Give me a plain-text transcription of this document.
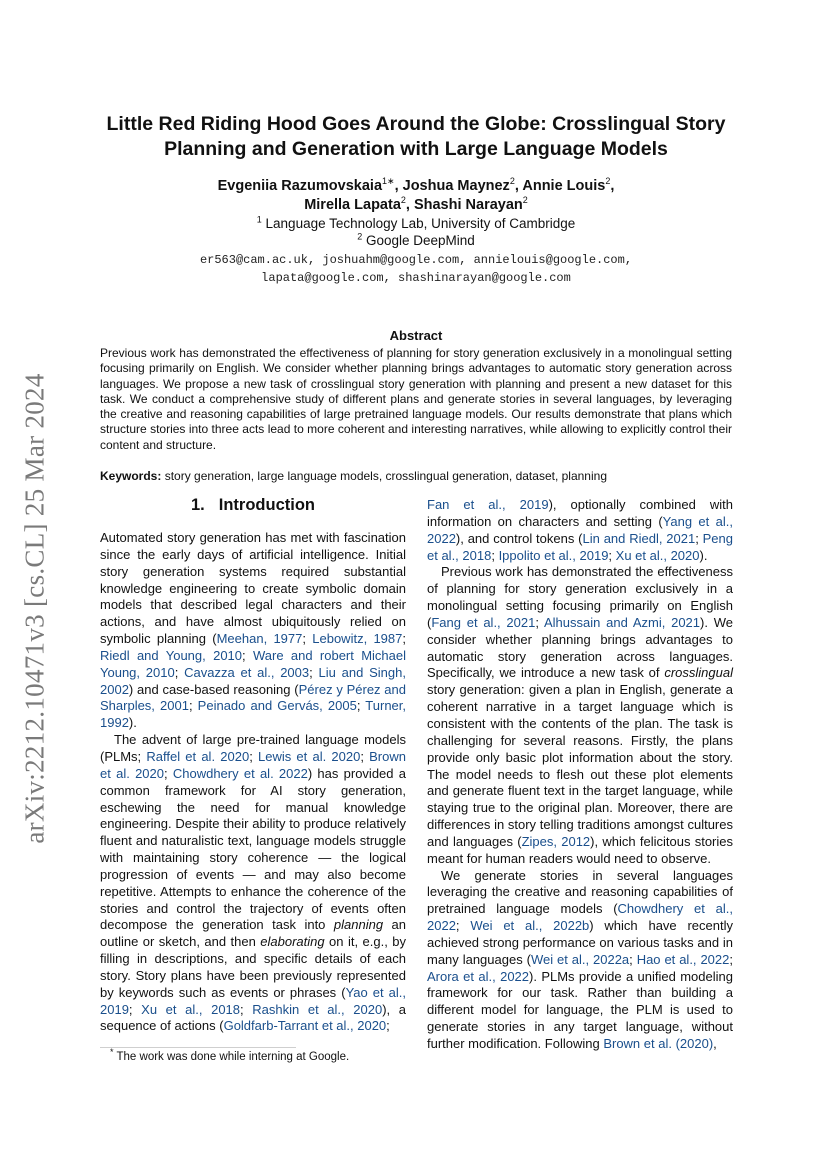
arXiv:2212.10471v3 [cs.CL] 25 Mar 2024
Little Red Riding Hood Goes Around the Globe: Crosslingual Story Planning and Generation with Large Language Models
Evgeniia Razumovskaia$^{1∗}$, Joshua Maynez$^2$, Annie Louis$^2$,
Mirella Lapata$^2$, Shashi Narayan$^2$
$^1$ Language Technology Lab, University of Cambridge
$^2$ Google DeepMind
er563@cam.ac.uk, joshuahm@google.com, annielouis@google.com,
lapata@google.com, shashinarayan@google.com
Abstract

Previous work has demonstrated the effectiveness of planning for story generation exclusively in a monolingual setting focusing primarily on English. We consider whether planning brings advantages to automatic story generation across languages. We propose a new task of crosslingual story generation with planning and present a new dataset for this task. We conduct a comprehensive study of different plans and generate stories in several languages, by leveraging the creative and reasoning capabilities of large pretrained language models. Our results demonstrate that plans which structure stories into three acts lead to more coherent and interesting narratives, while allowing to explicitly control their content and structure.

Keywords: story generation, large language models, crosslingual generation, dataset, planning
1. Introduction

Automated story generation has met with fascination since the early days of artificial intelligence. Initial story generation systems required substantial knowledge engineering to create symbolic domain models that described legal characters and their actions, and have almost ubiquitously relied on symbolic planning (Meehan, 1977; Lebowitz, 1987; Riedl and Young, 2010; Ware and robert Michael Young, 2010; Cavazza et al., 2003; Liu and Singh, 2002) and case-based reasoning (Pérez y Pérez and Sharples, 2001; Peinado and Gervás, 2005; Turner, 1992).

The advent of large pre-trained language models (PLMs; Raffel et al. 2020; Lewis et al. 2020; Brown et al. 2020; Chowdhery et al. 2022) has provided a common framework for AI story generation, eschewing the need for manual knowledge engineering. Despite their ability to produce relatively fluent and naturalistic text, language models struggle with maintaining story coherence — the logical progression of events — and may also become repetitive. Attempts to enhance the coherence of the stories and control the trajectory of events often decompose the generation task into planning an outline or sketch, and then elaborating on it, e.g., by filling in descriptions, and specific details of each story. Story plans have been previously represented by keywords such as events or phrases (Yao et al., 2019; Xu et al., 2018; Rashkin et al., 2020), a sequence of actions (Goldfarb-Tarrant et al., 2020;

Fan et al., 2019), optionally combined with information on characters and setting (Yang et al., 2022), and control tokens (Lin and Riedl, 2021; Peng et al., 2018; Ippolito et al., 2019; Xu et al., 2020).

Previous work has demonstrated the effectiveness of planning for story generation exclusively in a monolingual setting focusing primarily on English (Fang et al., 2021; Alhussain and Azmi, 2021). We consider whether planning brings advantages to automatic story generation across languages. Specifically, we introduce a new task of crosslingual story generation: given a plan in English, generate a coherent narrative in a target language which is consistent with the contents of the plan. The task is challenging for several reasons. Firstly, the plans provide only basic plot information about the story. The model needs to flesh out these plot elements and generate fluent text in the target language, while staying true to the original plan. Moreover, there are differences in story telling traditions amongst cultures and languages (Zipes, 2012), which felicitous stories meant for human readers would need to observe.

We generate stories in several languages leveraging the creative and reasoning capabilities of pretrained language models (Chowdhery et al., 2022; Wei et al., 2022b) which have recently achieved strong performance on various tasks and in many languages (Wei et al., 2022a; Hao et al., 2022; Arora et al., 2022). PLMs provide a unified modeling framework for our task. Rather than building a different model for language, the PLM is used to generate stories in any target language, without further modification. Following Brown et al. (2020),

* The work was done while interning at Google.
